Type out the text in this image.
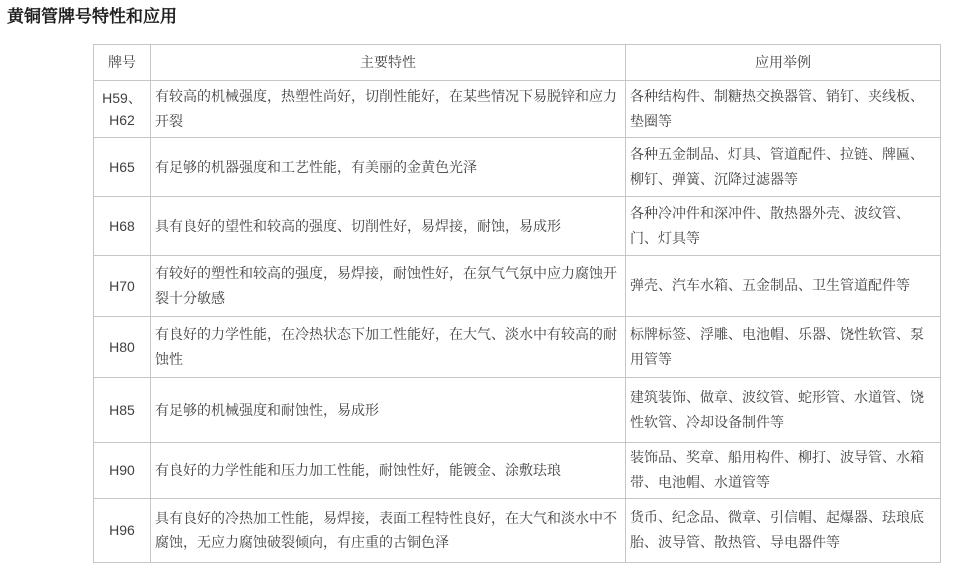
黄铜管牌号特性和应用
牌号	主要特性	应用举例
H59、H62	有较高的机械强度，热塑性尚好，切削性能好，在某些情况下易脱锌和应力开裂	各种结构件、制糖热交换器管、销钉、夹线板、垫圈等
H65	有足够的机器强度和工艺性能，有美丽的金黄色光泽	各种五金制品、灯具、管道配件、拉链、牌匾、柳钉、弹簧、沉降过滤器等
H68	具有良好的望性和较高的强度、切削性好，易焊接，耐蚀，易成形	各种冷冲件和深冲件、散热器外壳、波纹管、门、灯具等
H70	有较好的塑性和较高的强度，易焊接，耐蚀性好，在氛气气氛中应力腐蚀开裂十分敏感	弹壳、汽车水箱、五金制品、卫生管道配件等
H80	有良好的力学性能，在冷热状态下加工性能好，在大气、淡水中有较高的耐蚀性	标牌标签、浮雕、电池帽、乐器、饶性软管、泵用管等
H85	有足够的机械强度和耐蚀性，易成形	建筑装饰、做章、波纹管、蛇形管、水道管、饶性软管、冷却设备制件等
H90	有良好的力学性能和压力加工性能，耐蚀性好，能镀金、涂敷珐琅	装饰品、奖章、船用构件、柳打、波导管、水箱带、电池帽、水道管等
H96	具有良好的冷热加工性能，易焊接，表面工程特性良好，在大气和淡水中不腐蚀，无应力腐蚀破裂倾向，有庄重的古铜色泽	货币、纪念品、微章、引信帽、起爆器、珐琅底胎、波导管、散热管、导电器件等
